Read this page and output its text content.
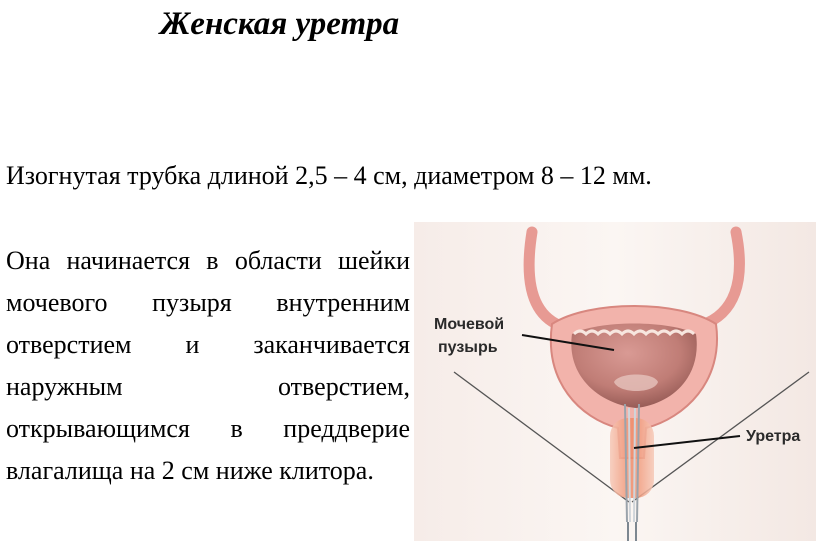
Женская уретра
Изогнутая трубка длиной 2,5 – 4 см, диаметром 8 – 12 мм.
Она начинается в области шейки мочевого пузыря внутренним отверстием и заканчивается наружным отверстием, открывающимся в преддверие влагалища на 2 см ниже клитора.
Мочевой
пузырь
Уретра
